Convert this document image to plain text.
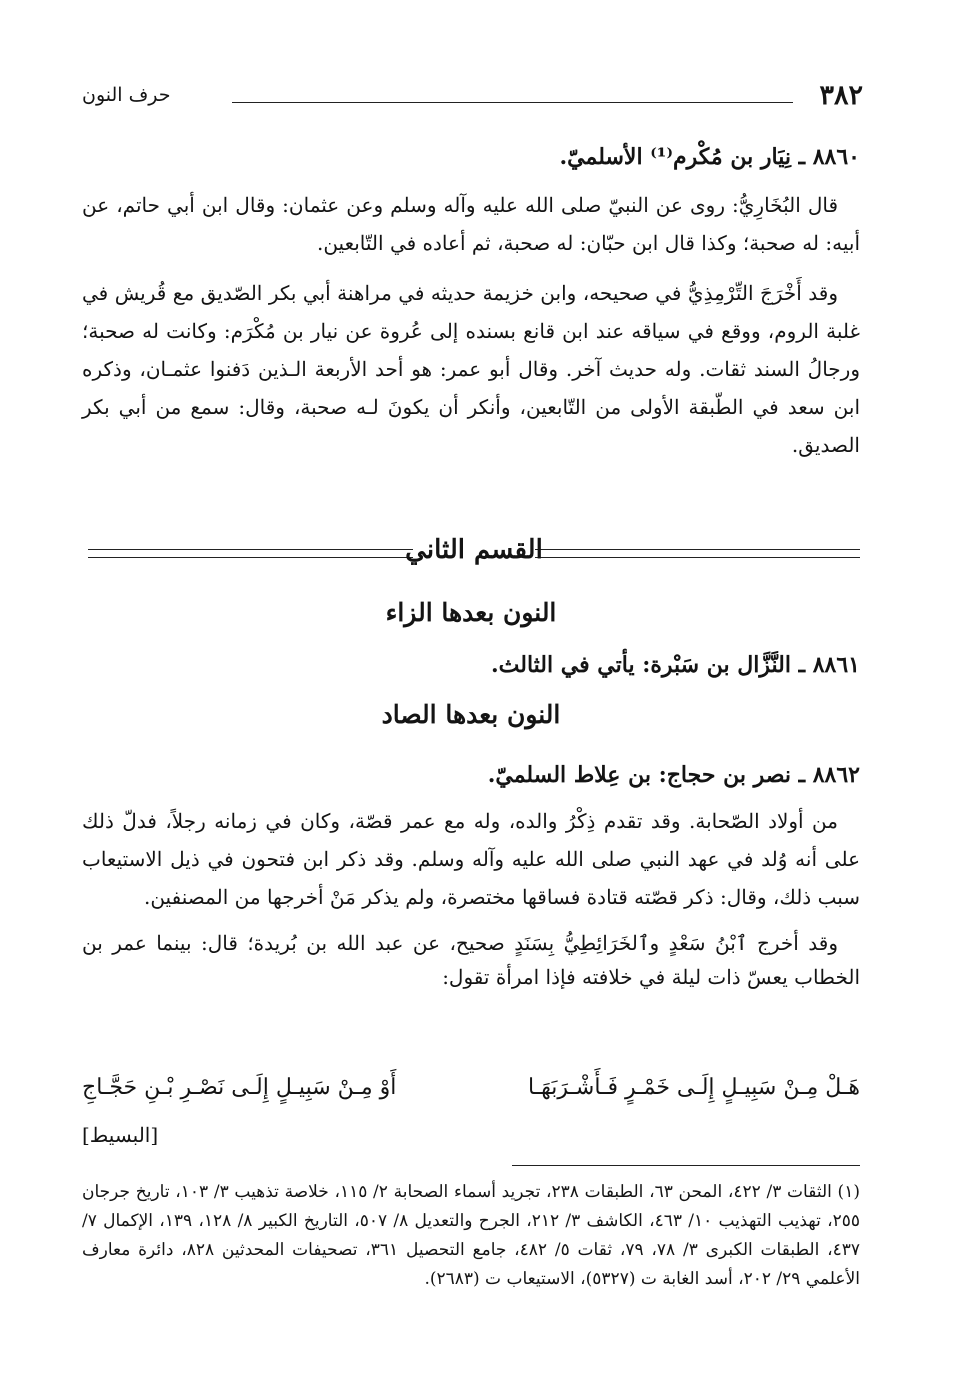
٣٨٢
حرف النون
٨٨٦٠ ـ نِيَار بن مُكْرم⁽¹⁾ الأسلميّ.
قال البُخَارِيُّ: روى عن النبيّ صلى الله عليه وآله وسلم وعن عثمان: وقال ابن أبي حاتم، عن أبيه: له صحبة؛ وكذا قال ابن حبّان: له صحبة، ثم أعاده في التّابعين.
وقد أَخْرَجَ التِّرْمِذِيُّ في صحيحه، وابن خزيمة حديثه في مراهنة أبي بكر الصّديق مع قُريش في غلبة الروم، ووقع في سياقه عند ابن قانع بسنده إلى عُروة عن نيار بن مُكْرَم: وكانت له صحبة؛ ورجالُ السند ثقات. وله حديث آخر. وقال أبو عمر: هو أحد الأربعة الـذين دَفنوا عثمـان، وذكره ابن سعد في الطّبقة الأولى من التّابعين، وأنكر أن يكونَ لـه صحبة، وقال: سمع من أبي بكر الصديق.
القسم الثاني
النون بعدها الزاء
٨٨٦١ ـ النَّزَّال بن سَبْرة: يأتي في الثالث.
النون بعدها الصاد
٨٨٦٢ ـ نصر بن حجاج: بن عِلاط السلميّ.
من أولاد الصّحابة. وقد تقدم ذِكْرُ والده، وله مع عمر قصّة، وكان في زمانه رجلاً، فدلّ ذلك على أنه وُلد في عهد النبي صلى الله عليه وآله وسلم. وقد ذكر ابن فتحون في ذيل الاستيعاب سبب ذلك، وقال: ذكر قصّته قتادة فساقها مختصرة، ولم يذكر مَنْ أخرجها من المصنفين.
وقد أخرج ٱبْنُ سَعْدٍ وٱلخَرَائِطِيُّ بِسَنَدٍ صحيح، عن عبد الله بن بُريدة؛ قال: بينما عمر بن الخطاب يعسّ ذات ليلة في خلافته فإذا امرأة تقول:
هَـلْ مِـنْ سَبِيـلٍ إِلَـى خَمْـرٍ فَـأَشْـرَبَهَـا
أَوْ مِـنْ سَبِيـلٍ إِلَـى نَصْـرِ بْـنِ حَجَّـاجِ
[البسيط]
(١) الثقات ٣/ ٤٢٢، المحن ٦٣، الطبقات ٢٣٨، تجريد أسماء الصحابة ٢/ ١١٥، خلاصة تذهيب ٣/ ١٠٣، تاريخ جرجان ٢٥٥، تهذيب التهذيب ١٠/ ٤٦٣، الكاشف ٣/ ٢١٢، الجرح والتعديل ٨/ ٥٠٧، التاريخ الكبير ٨/ ١٢٨، ١٣٩، الإكمال ٧/ ٤٣٧، الطبقات الكبرى ٣/ ٧٨، ٧٩، ثقات ٥/ ٤٨٢، جامع التحصيل ٣٦١، تصحيفات المحدثين ٨٢٨، دائرة معارف الأعلمي ٢٩/ ٢٠٢، أسد الغابة ت (٥٣٢٧)، الاستيعاب ت (٢٦٨٣).
